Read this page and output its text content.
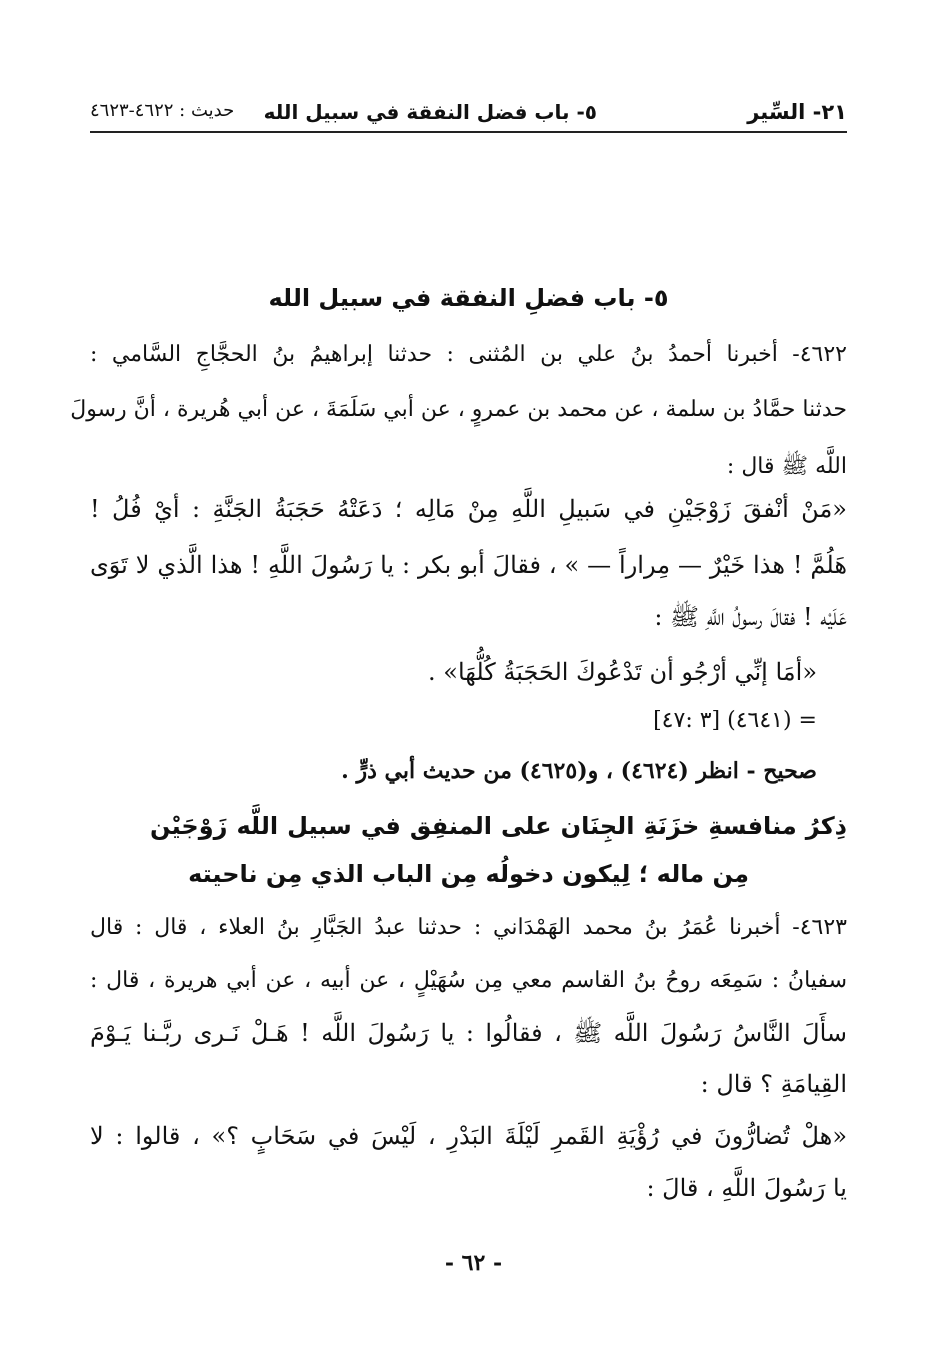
٢١- السِّير
٥- باب فضل النفقة في سبيل الله
حديث : ٤٦٢٢-٤٦٢٣
٥- باب فضلِ النفقة في سبيل الله
٤٦٢٢- أخبرنا أحمدُ بنُ علي بن المُثنى : حدثنا إبراهيمُ بنُ الحجَّاجِ السَّامي :
حدثنا حمَّادُ بن سلمة ، عن محمد بن عمروٍ ، عن أبي سَلَمَةَ ، عن أبي هُريرة ، أنَّ رسولَ
اللَّه ﷺ قال :
«مَنْ أنْفقَ زَوْجَيْنِ في سَبيلِ اللَّهِ مِنْ مَالِه ؛ دَعَتْهُ حَجَبَةُ الجَنَّةِ : أيْ فُلُ !
هَلُمَّ ! هذا خَيْرٌ — مِراراً — » ، فقالَ أبو بكر : يا رَسُولَ اللَّهِ ! هذا الَّذي لا تَوَى
عَلَيْه ! فقالَ رسولُ اللَّهِ ﷺ :
«أمَا إنِّي أرْجُو أن تَدْعُوكَ الحَجَبَةُ كُلُّهَا» .
= (٤٦٤١) [٣ :٤٧]
صحيح - انظر (٤٦٢٤) ، و(٤٦٢٥) من حديث أبي ذرٍّ .
ذِكرُ منافسةِ خزَنَةِ الجِنَان على المنفِق في سبيل اللَّه زَوْجَيْن
مِن ماله ؛ لِيكون دخولُه مِن الباب الذي مِن ناحيته
٤٦٢٣- أخبرنا عُمَرُ بنُ محمد الهَمْدَاني : حدثنا عبدُ الجَبَّارِ بنُ العلاء ، قال : قال
سفيانُ : سَمِعَه روحُ بنُ القاسم معي مِن سُهَيْلٍ ، عن أبيه ، عن أبي هريرة ، قال :
سأَلَ النَّاسُ رَسُولَ اللَّه ﷺ ، فقالُوا : يا رَسُولَ اللَّه ! هَـلْ نَـرى ربَّـنا يَـوْمَ
القِيامَةِ ؟ قال :
«هلْ تُضارُّونَ في رُؤْيَةِ القَمرِ لَيْلَةَ البَدْرِ ، لَيْسَ في سَحَابٍ ؟» ، قالوا : لا
يا رَسُولَ اللَّهِ ، قالَ :
- ٦٢ -
